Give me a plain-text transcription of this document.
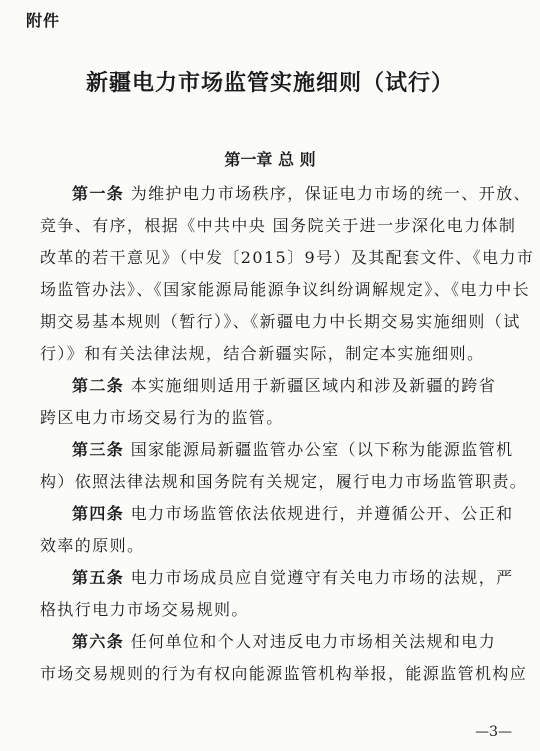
附件
新疆电力市场监管实施细则（试行）
第一章 总 则
第一条 为维护电力市场秩序，保证电力市场的统一、开放、
竞争、有序，根据《中共中央 国务院关于进一步深化电力体制
改革的若干意见》（中发〔2015〕9号）及其配套文件、《电力市
场监管办法》、《国家能源局能源争议纠纷调解规定》、《电力中长
期交易基本规则（暂行）》、《新疆电力中长期交易实施细则（试
行）》和有关法律法规，结合新疆实际，制定本实施细则。
第二条 本实施细则适用于新疆区域内和涉及新疆的跨省
跨区电力市场交易行为的监管。
第三条 国家能源局新疆监管办公室（以下称为能源监管机
构）依照法律法规和国务院有关规定，履行电力市场监管职责。
第四条 电力市场监管依法依规进行，并遵循公开、公正和
效率的原则。
第五条 电力市场成员应自觉遵守有关电力市场的法规，严
格执行电力市场交易规则。
第六条 任何单位和个人对违反电力市场相关法规和电力
市场交易规则的行为有权向能源监管机构举报，能源监管机构应
—3—
